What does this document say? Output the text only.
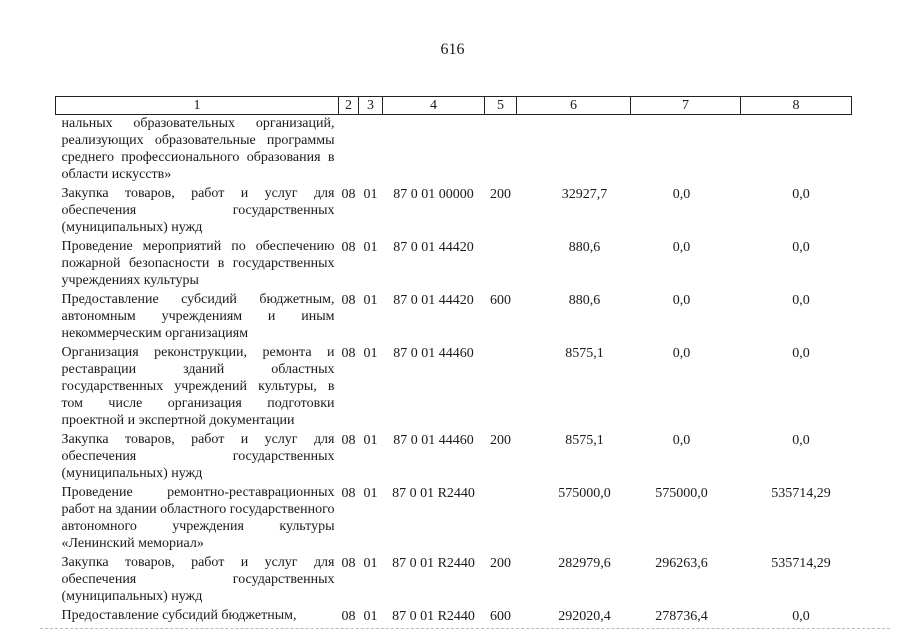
616
1	2	3	4	5	6	7	8
нальных образовательных организаций, реализующих образовательные программы среднего профессионального образования в области искусств»							
Закупка товаров, работ и услуг для обеспечения государственных (муниципальных) нужд	08	01	87 0 01 00000	200	32927,7	0,0	0,0
Проведение мероприятий по обеспечению пожарной безопасности в государственных учреждениях культуры	08	01	87 0 01 44420		880,6	0,0	0,0
Предоставление субсидий бюджетным, автономным учреждениям и иным некоммерческим организациям	08	01	87 0 01 44420	600	880,6	0,0	0,0
Организация реконструкции, ремонта и реставрации зданий областных государственных учреждений культуры, в том числе организация подготовки проектной и экспертной документации	08	01	87 0 01 44460		8575,1	0,0	0,0
Закупка товаров, работ и услуг для обеспечения государственных (муниципальных) нужд	08	01	87 0 01 44460	200	8575,1	0,0	0,0
Проведение ремонтно-реставрационных работ на здании областного государственного автономного учреждения культуры «Ленинский мемориал»	08	01	87 0 01 R2440		575000,0	575000,0	535714,29
Закупка товаров, работ и услуг для обеспечения государственных (муниципальных) нужд	08	01	87 0 01 R2440	200	282979,6	296263,6	535714,29
Предоставление субсидий бюджетным,	08	01	87 0 01 R2440	600	292020,4	278736,4	0,0
